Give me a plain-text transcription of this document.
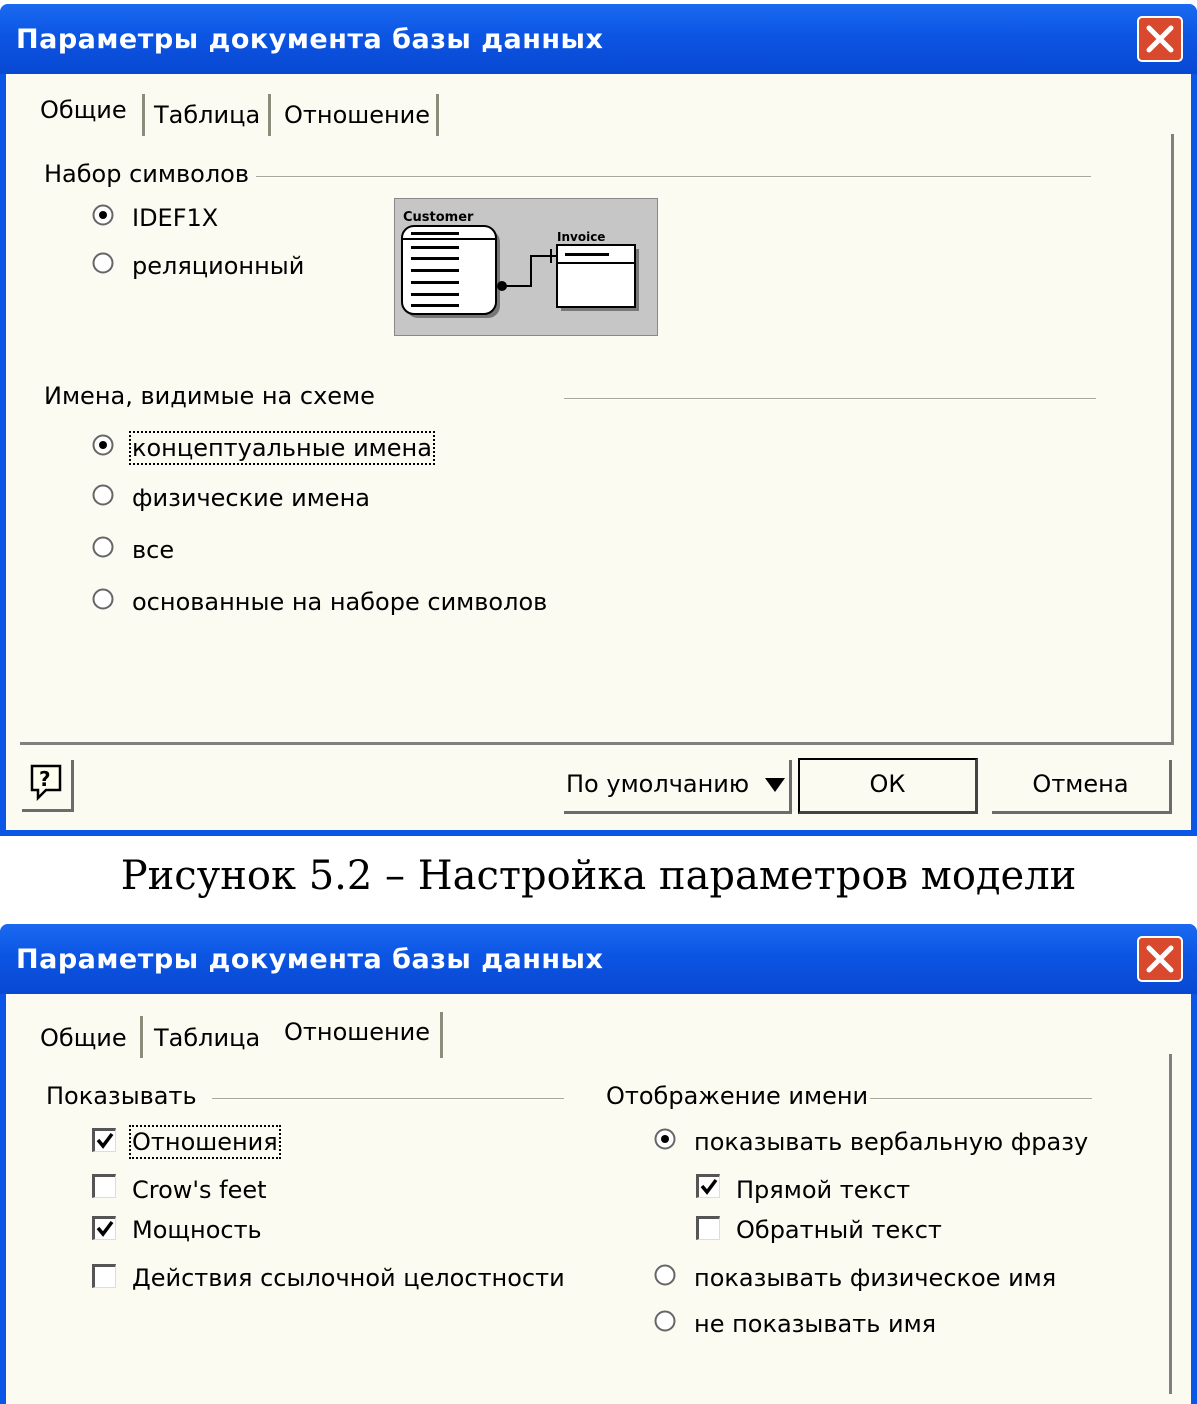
Параметры документа базы данных
Общие Таблица Отношение
Набор символов
IDEF1X
реляционный
Customer
Invoice
Имена, видимые на схеме
концептуальные имена
физические имена
все
основанные на наборе символов
?	По умолчанию	ОК	Отмена
Рисунок 5.2 – Настройка параметров модели
Параметры документа базы данных
Общие Таблица Отношение
Показывать
Отношения
Crow's feet
Мощность
Действия ссылочной целостности
Отображение имени
показывать вербальную фразу
Прямой текст
Обратный текст
показывать физическое имя
не показывать имя
